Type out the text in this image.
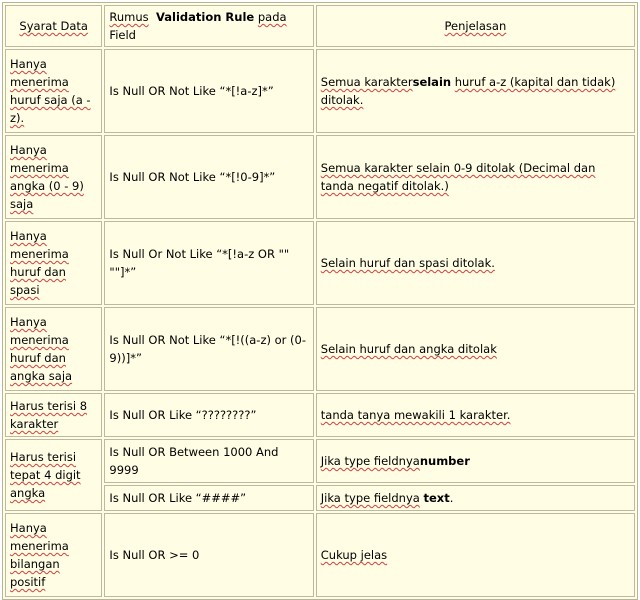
Syarat Data	Rumus Validation Rule pada  Field	Penjelasan
Hanya menerima huruf saja (a - z).	Is Null OR Not Like “*[!a-z]*”	Semua karakterselain huruf a-z (kapital dan tidak) ditolak.
Hanya menerima angka (0 - 9) saja	Is Null OR Not Like “*[!0-9]*”	Semua karakter selain 0-9 ditolak (Decimal dan tanda negatif ditolak.)
Hanya menerima huruf dan spasi	Is Null Or Not Like “*[!a-z OR "" ""]*”	Selain huruf dan spasi ditolak.
Hanya menerima huruf dan angka saja	Is Null OR Not Like “*[!((a-z) or (0-9))]*”	Selain huruf dan angka ditolak
Harus terisi 8 karakter	Is Null OR Like “????????”	tanda tanya mewakili 1 karakter.
Harus terisi tepat 4 digit angka	Is Null OR Between 1000 And 9999	Jika type fieldnyanumber
	Is Null OR Like “####”	Jika type fieldnya text.
Hanya menerima bilangan positif	Is Null OR >= 0	Cukup jelas
